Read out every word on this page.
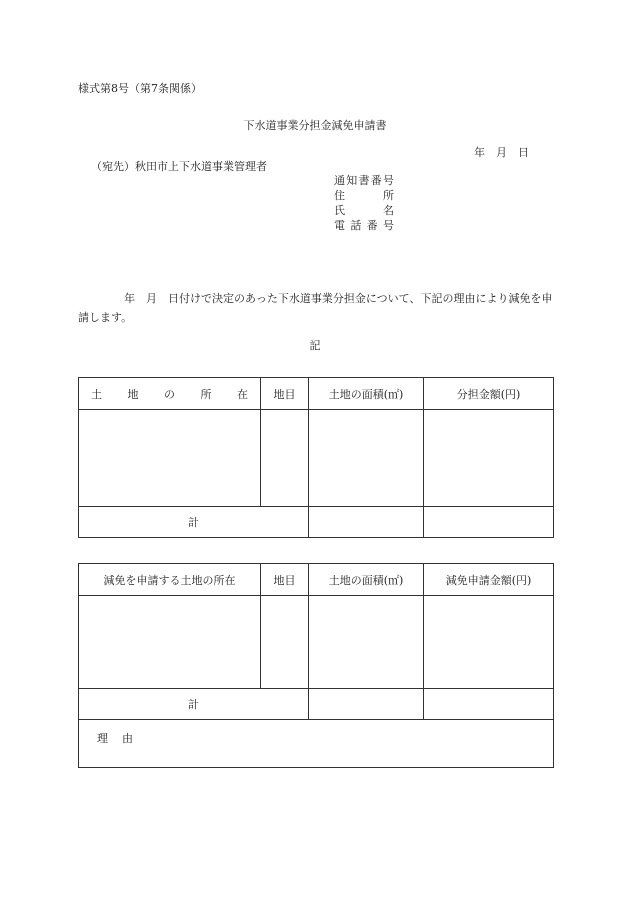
様式第8号（第7条関係）
下水道事業分担金減免申請書
年　月　日
（宛先）秋田市上下水道事業管理者
通知書番号
住所
氏名
電話番号
年　月　日付けで決定のあった下水道事業分担金について、下記の理由により減免を申請します。
記
土 地 の 所 在	地目	土地の面積(㎡)	分担金額(円)

計			
減免を申請する土地の所在	地目	土地の面積(㎡)	減免申請金額(円)

計			
理由			
